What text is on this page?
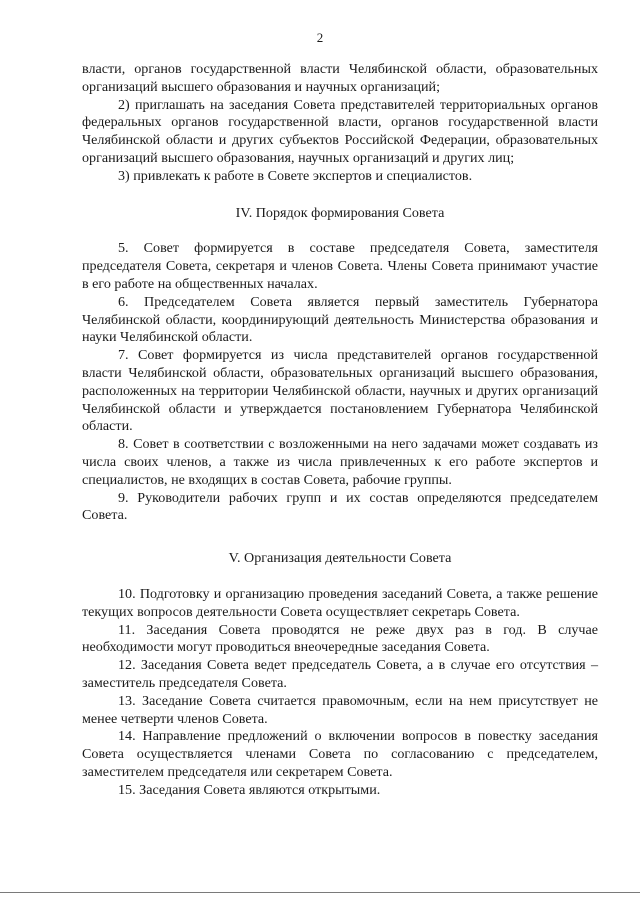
2

власти, органов государственной власти Челябинской области, образовательных организаций высшего образования и научных организаций;

2) приглашать на заседания Совета представителей территориальных органов федеральных органов государственной власти, органов государственной власти Челябинской области и других субъектов Российской Федерации, образовательных организаций высшего образования, научных организаций и других лиц;

3) привлекать к работе в Совете экспертов и специалистов.

IV. Порядок формирования Совета

5. Совет формируется в составе председателя Совета, заместителя председателя Совета, секретаря и членов Совета. Члены Совета принимают участие в его работе на общественных началах.

6. Председателем Совета является первый заместитель Губернатора Челябинской области, координирующий деятельность Министерства образования и науки Челябинской области.

7. Совет формируется из числа представителей органов государственной власти Челябинской области, образовательных организаций высшего образования, расположенных на территории Челябинской области, научных и других организаций Челябинской области и утверждается постановлением Губернатора Челябинской области.

8. Совет в соответствии с возложенными на него задачами может создавать из числа своих членов, а также из числа привлеченных к его работе экспертов и специалистов, не входящих в состав Совета, рабочие группы.

9. Руководители рабочих групп и их состав определяются председателем Совета.

V. Организация деятельности Совета

10. Подготовку и организацию проведения заседаний Совета, а также решение текущих вопросов деятельности Совета осуществляет секретарь Совета.

11. Заседания Совета проводятся не реже двух раз в год. В случае необходимости могут проводиться внеочередные заседания Совета.

12. Заседания Совета ведет председатель Совета, а в случае его отсутствия – заместитель председателя Совета.

13. Заседание Совета считается правомочным, если на нем присутствует не менее четверти членов Совета.

14. Направление предложений о включении вопросов в повестку заседания Совета осуществляется членами Совета по согласованию с председателем, заместителем председателя или секретарем Совета.

15. Заседания Совета являются открытыми.
